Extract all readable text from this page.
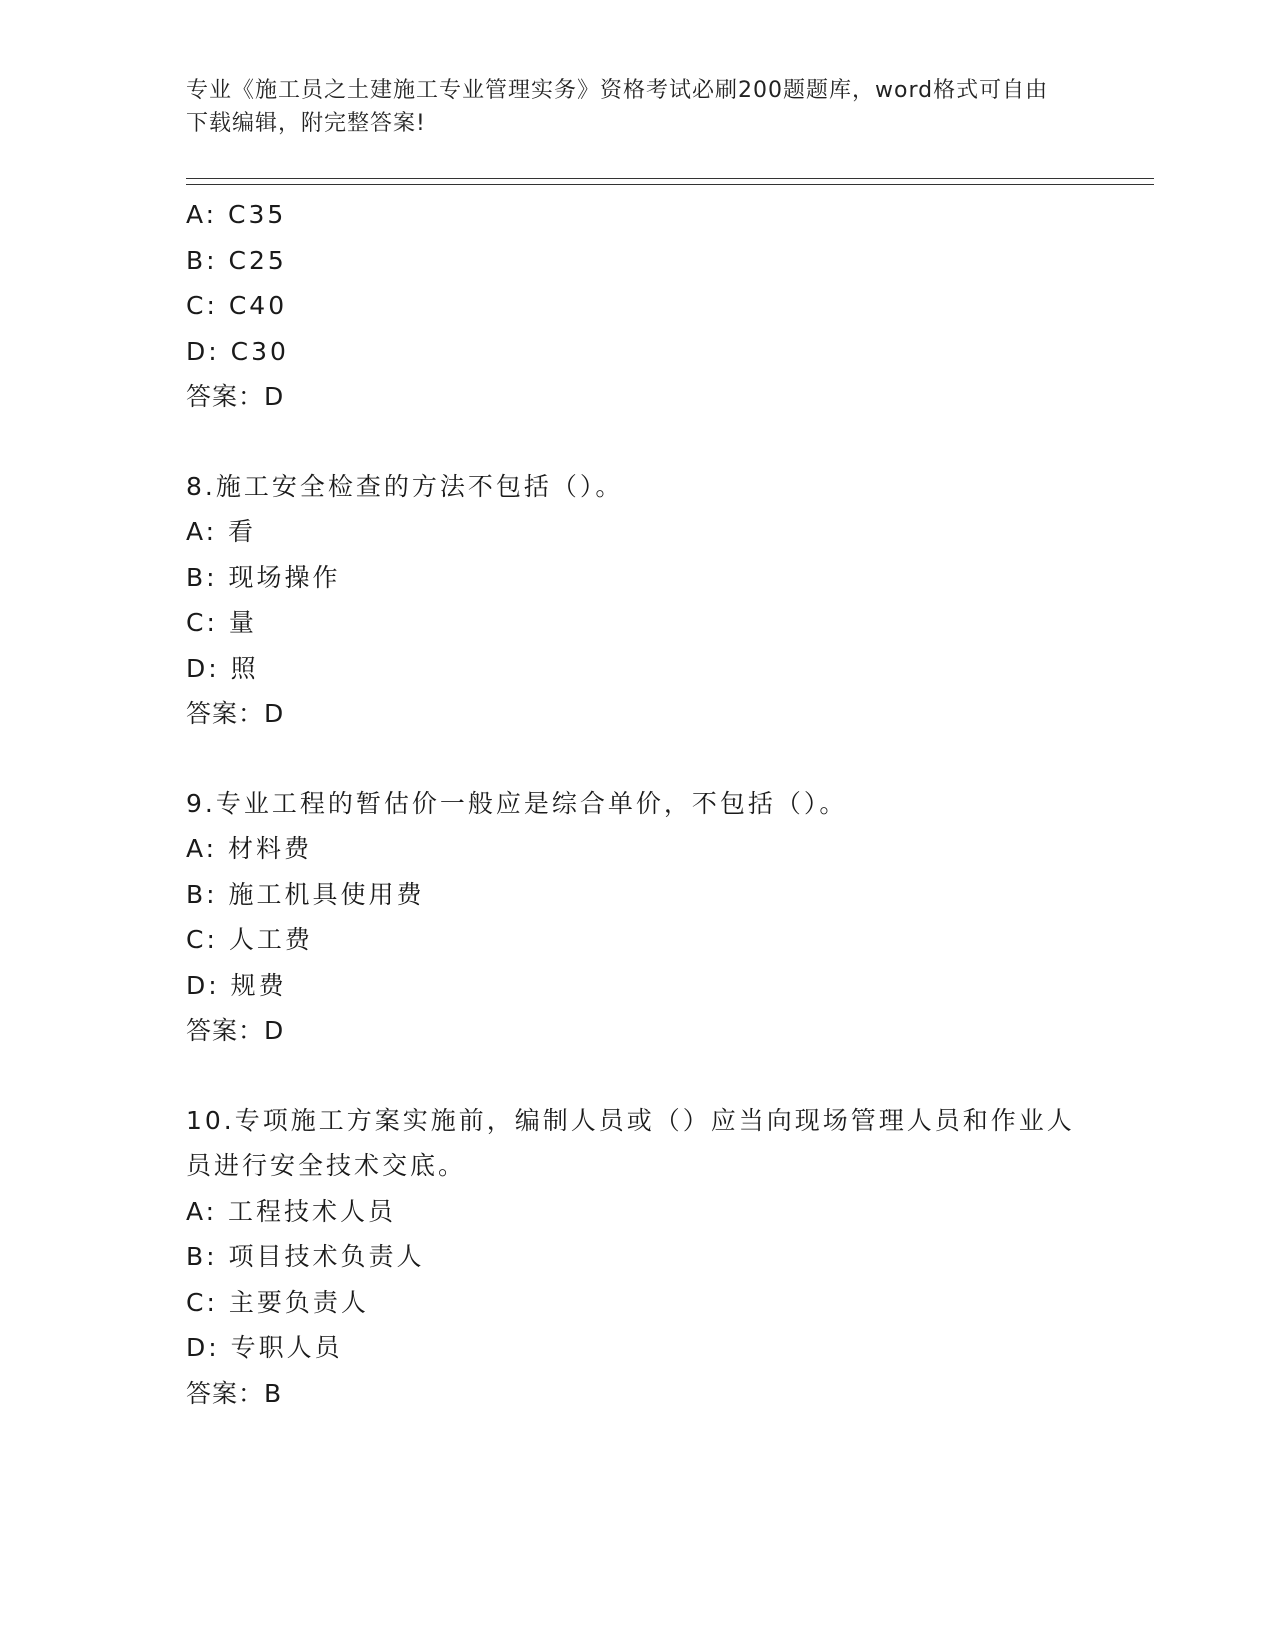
专业《施工员之土建施工专业管理实务》资格考试必刷200题题库，word格式可自由下载编辑，附完整答案!
A: C35
B: C25
C: C40
D: C30
答案：D
8.施工安全检查的方法不包括（）。
A: 看
B: 现场操作
C: 量
D: 照
答案：D
9.专业工程的暂估价一般应是综合单价，不包括（）。
A: 材料费
B: 施工机具使用费
C: 人工费
D: 规费
答案：D
10.专项施工方案实施前，编制人员或（）应当向现场管理人员和作业人员进行安全技术交底。
A: 工程技术人员
B: 项目技术负责人
C: 主要负责人
D: 专职人员
答案：B
